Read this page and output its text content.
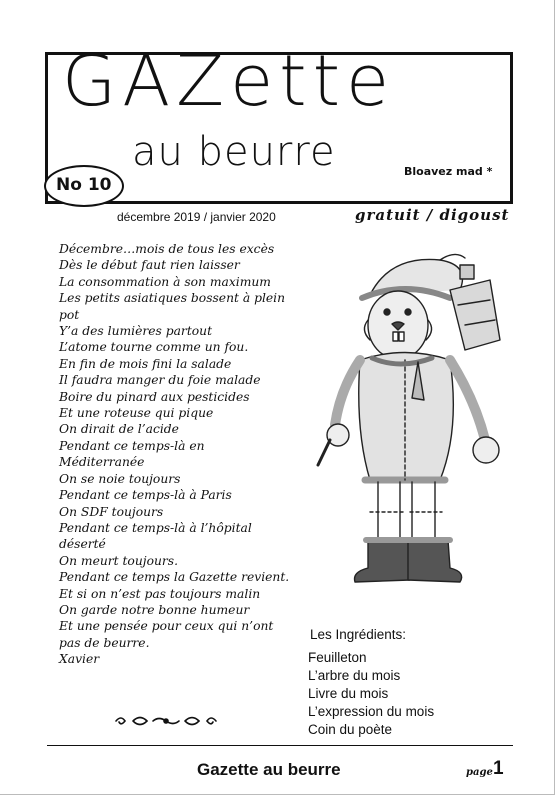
GAZette
au beurre
No 10
Bloavez mad *
décembre 2019 / janvier 2020	gratuit / digoust
Décembre…mois de tous les excès
Dès le début faut rien laisser
La consommation à son maximum
Les petits asiatiques bossent à plein
pot
Y’a des lumières partout
L’atome tourne comme un fou.
En fin de mois fini la salade
Il faudra manger du foie malade
Boire du pinard aux pesticides
Et une roteuse qui pique
On dirait de l’acide
Pendant ce temps-là en
Méditerranée
On se noie toujours
Pendant ce temps-là à Paris
On SDF toujours
Pendant ce temps-là à l’hôpital
déserté
On meurt toujours.
Pendant ce temps la Gazette revient.
Et si on n’est pas toujours malin
On garde notre bonne humeur
Et une pensée pour ceux qui n’ont
pas de beurre.
Xavier
Les Ingrédients:
Feuilleton
L’arbre du mois
Livre du mois
L’expression du mois
Coin du poète
Gazette au beurre	page 1
